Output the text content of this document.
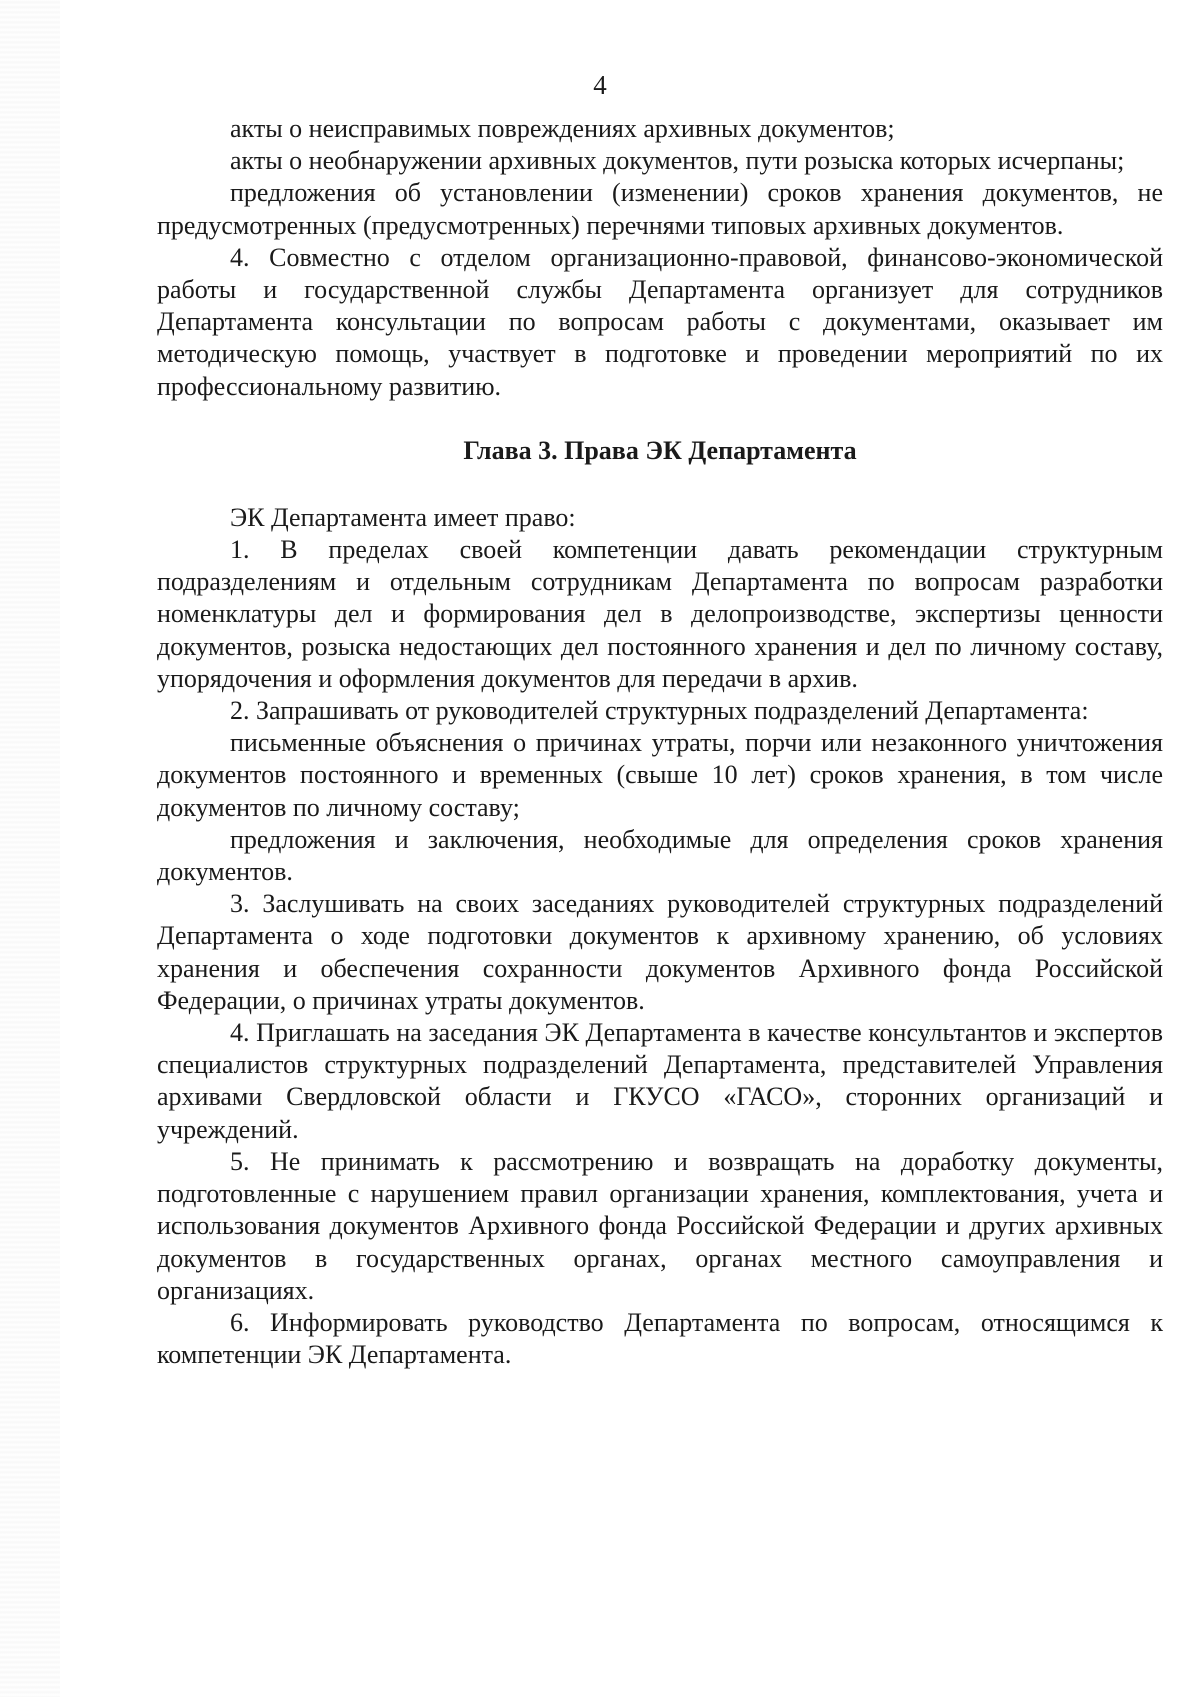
4

акты о неисправимых повреждениях архивных документов;

акты о необнаружении архивных документов, пути розыска которых исчерпаны;

предложения об установлении (изменении) сроков хранения документов, не предусмотренных (предусмотренных) перечнями типовых архивных документов.

4. Совместно с отделом организационно-правовой, финансово-экономической работы и государственной службы Департамента организует для сотрудников Департамента консультации по вопросам работы с документами, оказывает им методическую помощь, участвует в подготовке и проведении мероприятий по их профессиональному развитию.

Глава 3. Права ЭК Департамента

ЭК Департамента имеет право:

1. В пределах своей компетенции давать рекомендации структурным подразделениям и отдельным сотрудникам Департамента по вопросам разработки номенклатуры дел и формирования дел в делопроизводстве, экспертизы ценности документов, розыска недостающих дел постоянного хранения и дел по личному составу, упорядочения и оформления документов для передачи в архив.

2. Запрашивать от руководителей структурных подразделений Департамента:

письменные объяснения о причинах утраты, порчи или незаконного уничтожения документов постоянного и временных (свыше 10 лет) сроков хранения, в том числе документов по личному составу;

предложения и заключения, необходимые для определения сроков хранения документов.

3. Заслушивать на своих заседаниях руководителей структурных подразделений Департамента о ходе подготовки документов к архивному хранению, об условиях хранения и обеспечения сохранности документов Архивного фонда Российской Федерации, о причинах утраты документов.

4. Приглашать на заседания ЭК Департамента в качестве консультантов и экспертов специалистов структурных подразделений Департамента, представителей Управления архивами Свердловской области и ГКУСО «ГАСО», сторонних организаций и учреждений.

5. Не принимать к рассмотрению и возвращать на доработку документы, подготовленные с нарушением правил организации хранения, комплектования, учета и использования документов Архивного фонда Российской Федерации и других архивных документов в государственных органах, органах местного самоуправления и организациях.

6. Информировать руководство Департамента по вопросам, относящимся к компетенции ЭК Департамента.
